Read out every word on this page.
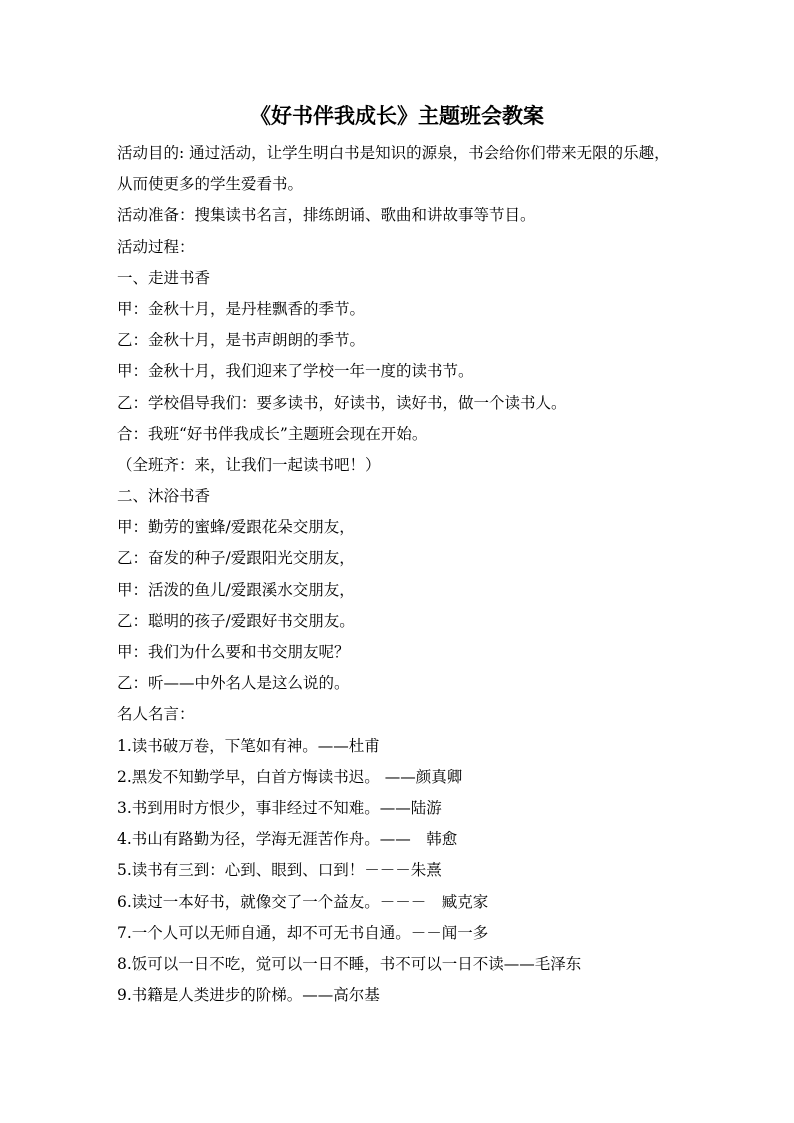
《好书伴我成长》主题班会教案
活动目的: 通过活动，让学生明白书是知识的源泉，书会给你们带来无限的乐趣，
从而使更多的学生爱看书。
活动准备：搜集读书名言，排练朗诵、歌曲和讲故事等节目。
活动过程：
一、走进书香
甲：金秋十月，是丹桂飘香的季节。
乙：金秋十月，是书声朗朗的季节。
甲：金秋十月，我们迎来了学校一年一度的读书节。
乙：学校倡导我们：要多读书，好读书，读好书，做一个读书人。
合：我班“好书伴我成长”主题班会现在开始。
（全班齐：来，让我们一起读书吧！）
二、沐浴书香
甲：勤劳的蜜蜂/爱跟花朵交朋友，
乙：奋发的种子/爱跟阳光交朋友，
甲：活泼的鱼儿/爱跟溪水交朋友，
乙：聪明的孩子/爱跟好书交朋友。
甲：我们为什么要和书交朋友呢？
乙：听——中外名人是这么说的。
名人名言：
1.读书破万卷，下笔如有神。——杜甫
2.黑发不知勤学早，白首方悔读书迟。 ——颜真卿
3.书到用时方恨少，事非经过不知难。——陆游
4.书山有路勤为径，学海无涯苦作舟。——　韩愈
5.读书有三到：心到、眼到、口到！－－－朱熹
6.读过一本好书，就像交了一个益友。－－－　臧克家
7.一个人可以无师自通，却不可无书自通。－－闻一多
8.饭可以一日不吃，觉可以一日不睡，书不可以一日不读——毛泽东
9.书籍是人类进步的阶梯。——高尔基
